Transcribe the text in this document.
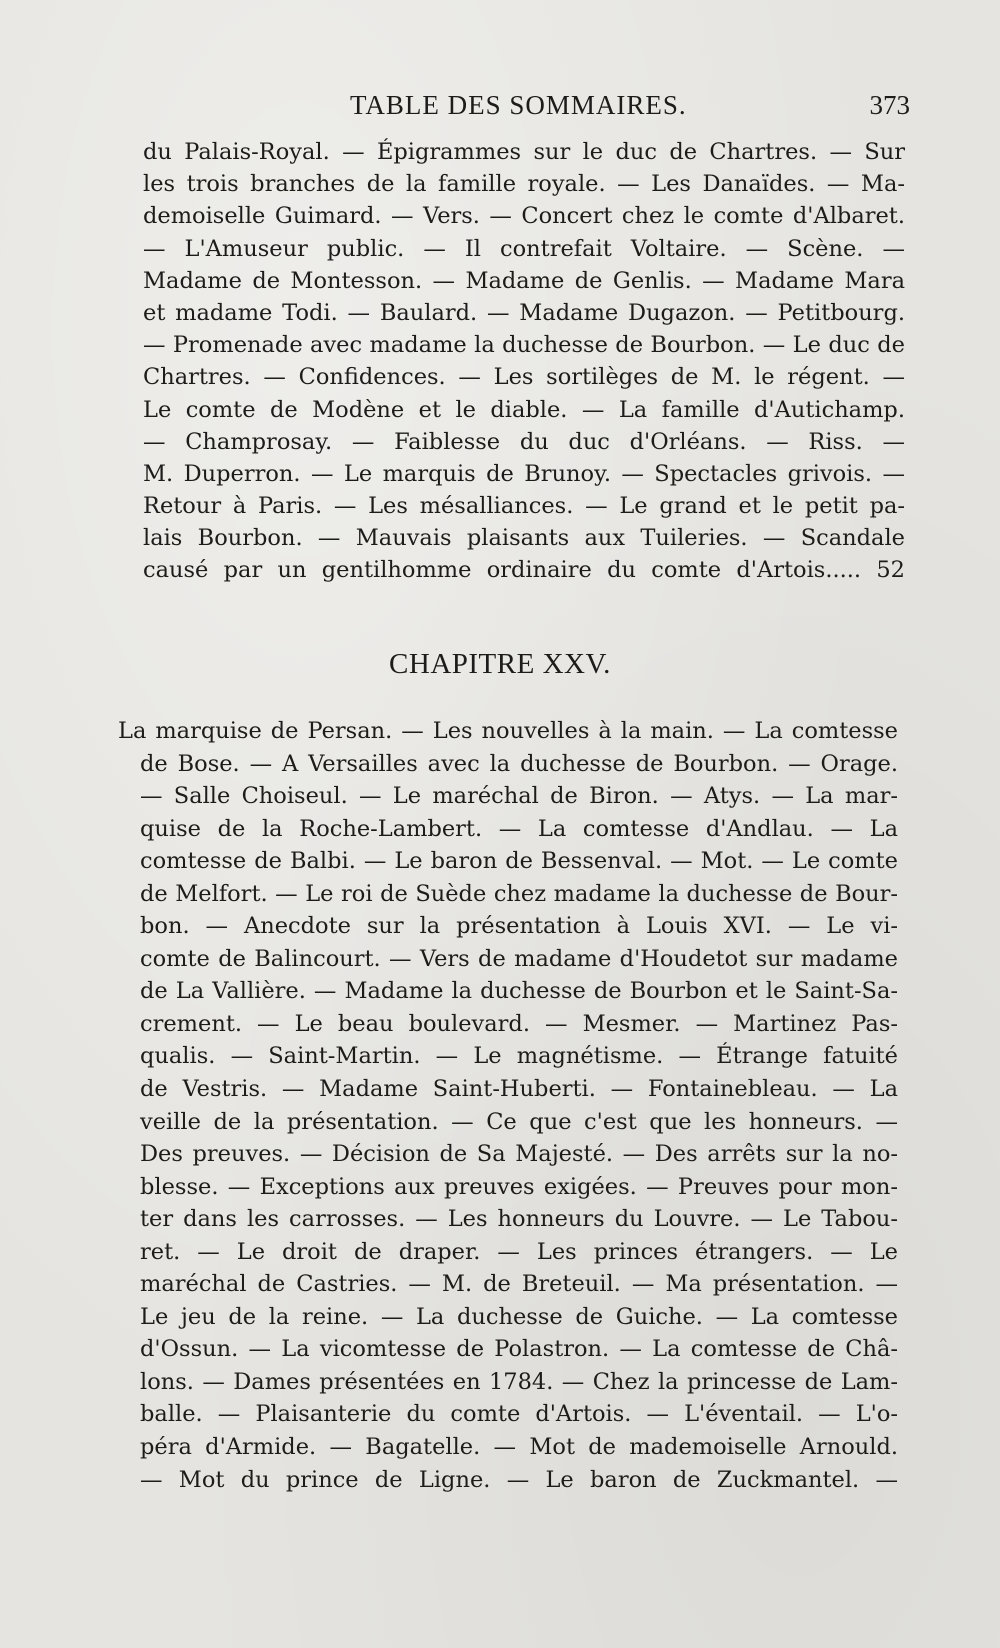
TABLE DES SOMMAIRES.	373
du Palais-Royal. — Épigrammes sur le duc de Chartres. — Sur
les trois branches de la famille royale. — Les Danaïdes. — Ma-
demoiselle Guimard. — Vers. — Concert chez le comte d'Albaret.
— L'Amuseur public. — Il contrefait Voltaire. — Scène. —
Madame de Montesson. — Madame de Genlis. — Madame Mara
et madame Todi. — Baulard. — Madame Dugazon. — Petitbourg.
— Promenade avec madame la duchesse de Bourbon. — Le duc de
Chartres. — Confidences. — Les sortilèges de M. le régent. —
Le comte de Modène et le diable. — La famille d'Autichamp.
— Champrosay. — Faiblesse du duc d'Orléans. — Riss. —
M. Duperron. — Le marquis de Brunoy. — Spectacles grivois. —
Retour à Paris. — Les mésalliances. — Le grand et le petit pa-
lais Bourbon. — Mauvais plaisants aux Tuileries. — Scandale
causé par un gentilhomme ordinaire du comte d'Artois..... 52
CHAPITRE XXV.
La marquise de Persan. — Les nouvelles à la main. — La comtesse
de Bose. — A Versailles avec la duchesse de Bourbon. — Orage.
— Salle Choiseul. — Le maréchal de Biron. — Atys. — La mar-
quise de la Roche-Lambert. — La comtesse d'Andlau. — La
comtesse de Balbi. — Le baron de Bessenval. — Mot. — Le comte
de Melfort. — Le roi de Suède chez madame la duchesse de Bour-
bon. — Anecdote sur la présentation à Louis XVI. — Le vi-
comte de Balincourt. — Vers de madame d'Houdetot sur madame
de La Vallière. — Madame la duchesse de Bourbon et le Saint-Sa-
crement. — Le beau boulevard. — Mesmer. — Martinez Pas-
qualis. — Saint-Martin. — Le magnétisme. — Étrange fatuité
de Vestris. — Madame Saint-Huberti. — Fontainebleau. — La
veille de la présentation. — Ce que c'est que les honneurs. —
Des preuves. — Décision de Sa Majesté. — Des arrêts sur la no-
blesse. — Exceptions aux preuves exigées. — Preuves pour mon-
ter dans les carrosses. — Les honneurs du Louvre. — Le Tabou-
ret. — Le droit de draper. — Les princes étrangers. — Le
maréchal de Castries. — M. de Breteuil. — Ma présentation. —
Le jeu de la reine. — La duchesse de Guiche. — La comtesse
d'Ossun. — La vicomtesse de Polastron. — La comtesse de Châ-
lons. — Dames présentées en 1784. — Chez la princesse de Lam-
balle. — Plaisanterie du comte d'Artois. — L'éventail. — L'o-
péra d'Armide. — Bagatelle. — Mot de mademoiselle Arnould.
— Mot du prince de Ligne. — Le baron de Zuckmantel. —
